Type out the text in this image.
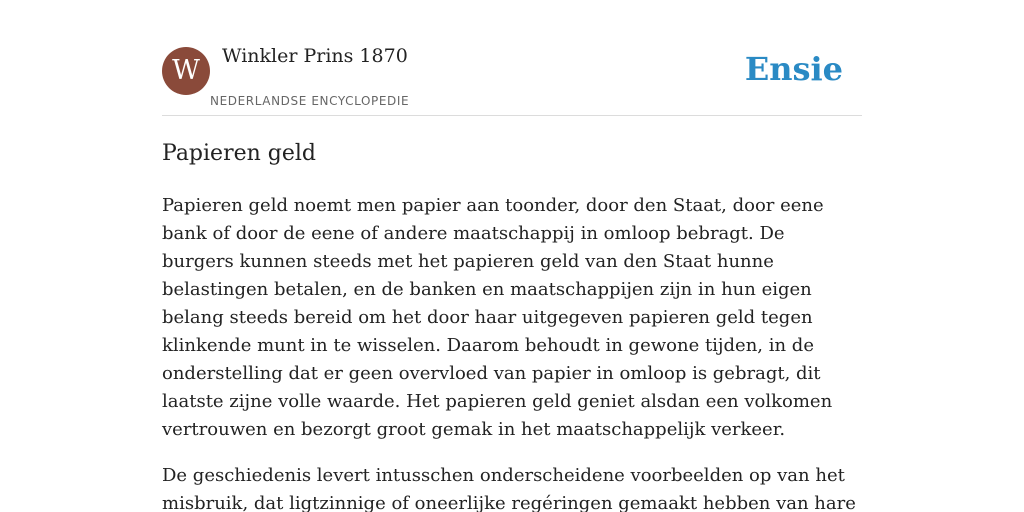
W	Winkler Prins 1870
NEDERLANDSE ENCYCLOPEDIE
Ensie
Papieren geld

Papieren geld noemt men papier aan toonder, door den Staat, door eene bank of door de eene of andere maatschappij in omloop bebragt. De burgers kunnen steeds met het papieren geld van den Staat hunne belastingen betalen, en de banken en maatschappijen zijn in hun eigen belang steeds bereid om het door haar uitgegeven papieren geld tegen klinkende munt in te wisselen. Daarom behoudt in gewone tijden, in de onderstelling dat er geen overvloed van papier in omloop is gebragt, dit laatste zijne volle waarde. Het papieren geld geniet alsdan een volkomen vertrouwen en bezorgt groot gemak in het maatschappelijk verkeer.

De geschiedenis levert intusschen onderscheidene voorbeelden op van het misbruik, dat ligtzinnige of oneerlijke regéringen gemaakt hebben van hare
